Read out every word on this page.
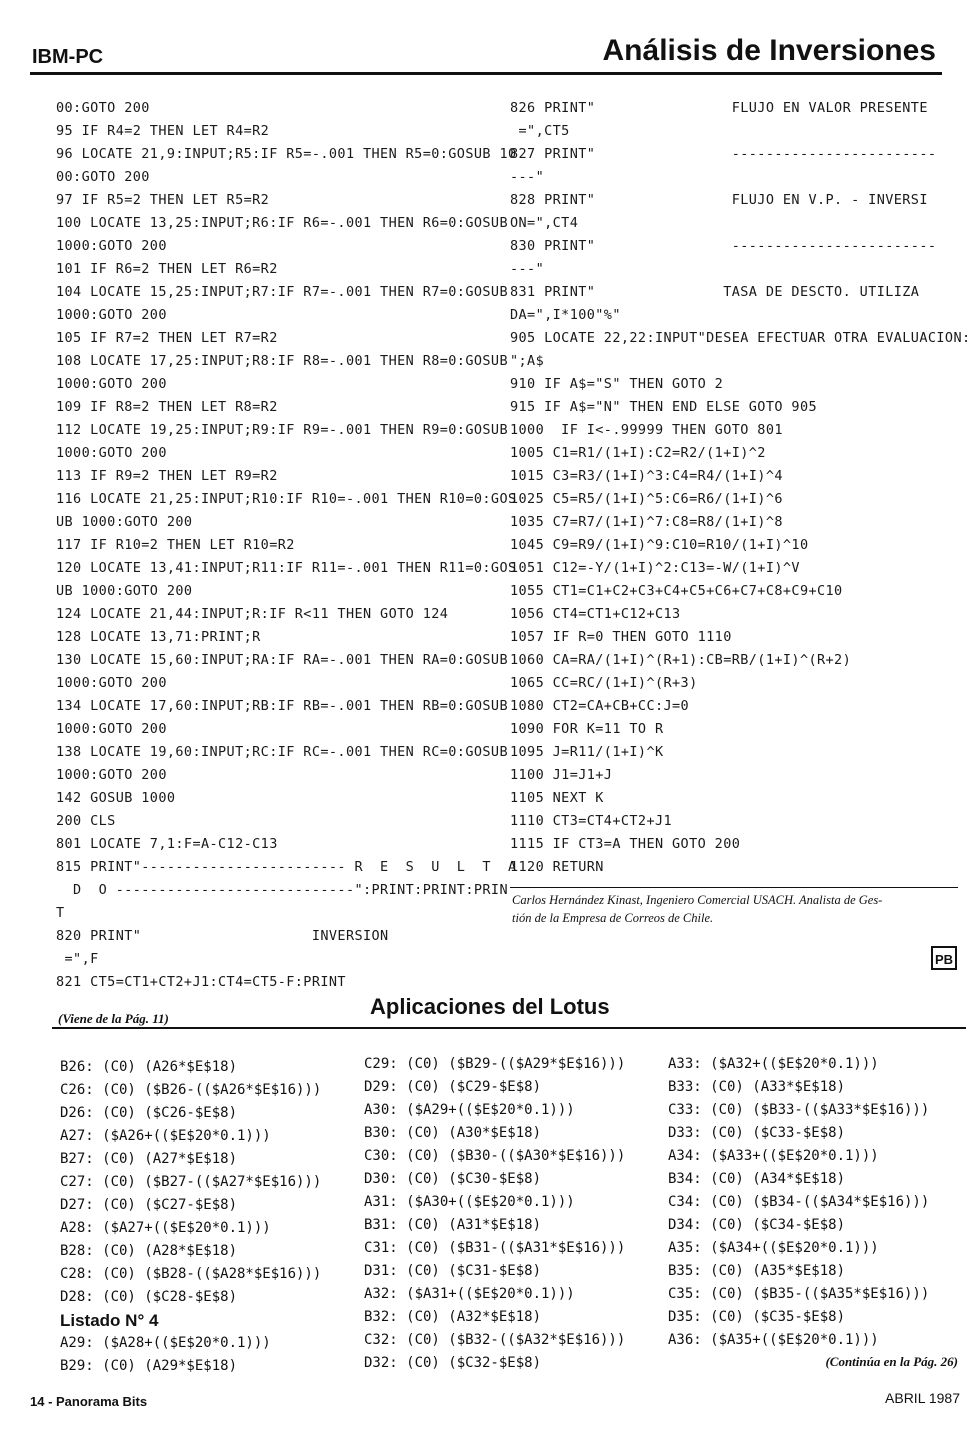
IBM-PC	Análisis de Inversiones
00:GOTO 200
95 IF R4=2 THEN LET R4=R2
96 LOCATE 21,9:INPUT;R5:IF R5=-.001 THEN R5=0:GOSUB 10
00:GOTO 200
97 IF R5=2 THEN LET R5=R2
100 LOCATE 13,25:INPUT;R6:IF R6=-.001 THEN R6=0:GOSUB
1000:GOTO 200
101 IF R6=2 THEN LET R6=R2
104 LOCATE 15,25:INPUT;R7:IF R7=-.001 THEN R7=0:GOSUB
1000:GOTO 200
105 IF R7=2 THEN LET R7=R2
108 LOCATE 17,25:INPUT;R8:IF R8=-.001 THEN R8=0:GOSUB
1000:GOTO 200
109 IF R8=2 THEN LET R8=R2
112 LOCATE 19,25:INPUT;R9:IF R9=-.001 THEN R9=0:GOSUB
1000:GOTO 200
113 IF R9=2 THEN LET R9=R2
116 LOCATE 21,25:INPUT;R10:IF R10=-.001 THEN R10=0:GOS
UB 1000:GOTO 200
117 IF R10=2 THEN LET R10=R2
120 LOCATE 13,41:INPUT;R11:IF R11=-.001 THEN R11=0:GOS
UB 1000:GOTO 200
124 LOCATE 21,44:INPUT;R:IF R<11 THEN GOTO 124
128 LOCATE 13,71:PRINT;R
130 LOCATE 15,60:INPUT;RA:IF RA=-.001 THEN RA=0:GOSUB
1000:GOTO 200
134 LOCATE 17,60:INPUT;RB:IF RB=-.001 THEN RB=0:GOSUB
1000:GOTO 200
138 LOCATE 19,60:INPUT;RC:IF RC=-.001 THEN RC=0:GOSUB
1000:GOTO 200
142 GOSUB 1000
200 CLS
801 LOCATE 7,1:F=A-C12-C13
815 PRINT"------------------------ R  E  S  U  L  T  A
D  O ----------------------------":PRINT:PRINT:PRIN
T
820 PRINT"                    INVERSION
=",F
821 CT5=CT1+CT2+J1:CT4=CT5-F:PRINT
826 PRINT"                FLUJO EN VALOR PRESENTE
=",CT5
827 PRINT"                ------------------------
---"
828 PRINT"                FLUJO EN V.P. - INVERSI
ON=",CT4
830 PRINT"                ------------------------
---"
831 PRINT"               TASA DE DESCTO. UTILIZA
DA=",I*100"%"
905 LOCATE 22,22:INPUT"DESEA EFECTUAR OTRA EVALUACION:
";A$
910 IF A$="S" THEN GOTO 2
915 IF A$="N" THEN END ELSE GOTO 905
1000  IF I<-.99999 THEN GOTO 801
1005 C1=R1/(1+I):C2=R2/(1+I)^2
1015 C3=R3/(1+I)^3:C4=R4/(1+I)^4
1025 C5=R5/(1+I)^5:C6=R6/(1+I)^6
1035 C7=R7/(1+I)^7:C8=R8/(1+I)^8
1045 C9=R9/(1+I)^9:C10=R10/(1+I)^10
1051 C12=-Y/(1+I)^2:C13=-W/(1+I)^V
1055 CT1=C1+C2+C3+C4+C5+C6+C7+C8+C9+C10
1056 CT4=CT1+C12+C13
1057 IF R=0 THEN GOTO 1110
1060 CA=RA/(1+I)^(R+1):CB=RB/(1+I)^(R+2)
1065 CC=RC/(1+I)^(R+3)
1080 CT2=CA+CB+CC:J=0
1090 FOR K=11 TO R
1095 J=R11/(1+I)^K
1100 J1=J1+J
1105 NEXT K
1110 CT3=CT4+CT2+J1
1115 IF CT3=A THEN GOTO 200
1120 RETURN
Carlos Hernández Kinast, Ingeniero Comercial USACH. Analista de Ges-
tión de la Empresa de Correos de Chile.
PB
(Viene de la Pág. 11)	Aplicaciones del Lotus
B26: (C0) (A26*$E$18)
C26: (C0) ($B26-(($A26*$E$16)))
D26: (C0) ($C26-$E$8)
A27: ($A26+(($E$20*0.1)))
B27: (C0) (A27*$E$18)
C27: (C0) ($B27-(($A27*$E$16)))
D27: (C0) ($C27-$E$8)
A28: ($A27+(($E$20*0.1)))
B28: (C0) (A28*$E$18)
C28: (C0) ($B28-(($A28*$E$16)))
D28: (C0) ($C28-$E$8)
Listado N° 4
A29: ($A28+(($E$20*0.1)))
B29: (C0) (A29*$E$18)
C29: (C0) ($B29-(($A29*$E$16)))
D29: (C0) ($C29-$E$8)
A30: ($A29+(($E$20*0.1)))
B30: (C0) (A30*$E$18)
C30: (C0) ($B30-(($A30*$E$16)))
D30: (C0) ($C30-$E$8)
A31: ($A30+(($E$20*0.1)))
B31: (C0) (A31*$E$18)
C31: (C0) ($B31-(($A31*$E$16)))
D31: (C0) ($C31-$E$8)
A32: ($A31+(($E$20*0.1)))
B32: (C0) (A32*$E$18)
C32: (C0) ($B32-(($A32*$E$16)))
D32: (C0) ($C32-$E$8)
A33: ($A32+(($E$20*0.1)))
B33: (C0) (A33*$E$18)
C33: (C0) ($B33-(($A33*$E$16)))
D33: (C0) ($C33-$E$8)
A34: ($A33+(($E$20*0.1)))
B34: (C0) (A34*$E$18)
C34: (C0) ($B34-(($A34*$E$16)))
D34: (C0) ($C34-$E$8)
A35: ($A34+(($E$20*0.1)))
B35: (C0) (A35*$E$18)
C35: (C0) ($B35-(($A35*$E$16)))
D35: (C0) ($C35-$E$8)
A36: ($A35+(($E$20*0.1)))
(Continúa en la Pág. 26)
14 - Panorama Bits	ABRIL 1987
